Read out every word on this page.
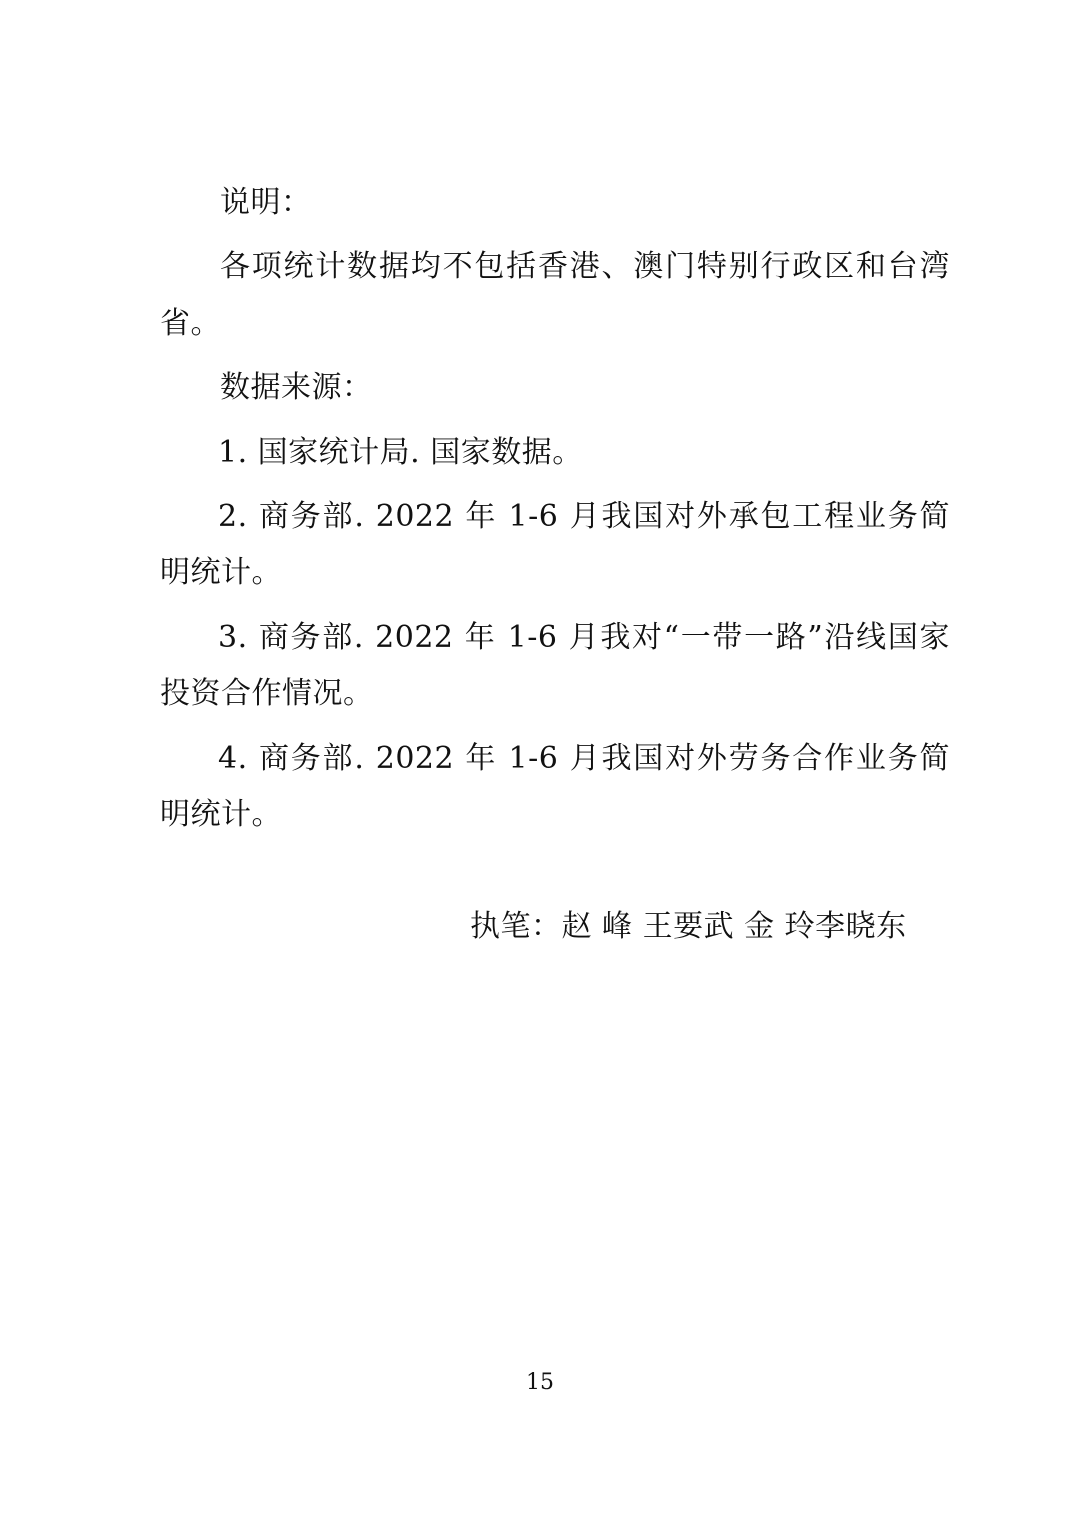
说明：

各项统计数据均不包括香港、澳门特别行政区和台湾省。

数据来源：

1. 国家统计局. 国家数据。

2. 商务部. 2022 年 1-6 月我国对外承包工程业务简明统计。

3. 商务部. 2022 年 1-6 月我对“一带一路”沿线国家投资合作情况。

4. 商务部. 2022 年 1-6 月我国对外劳务合作业务简明统计。

执笔：赵 峰 王要武 金 玲李晓东

15
